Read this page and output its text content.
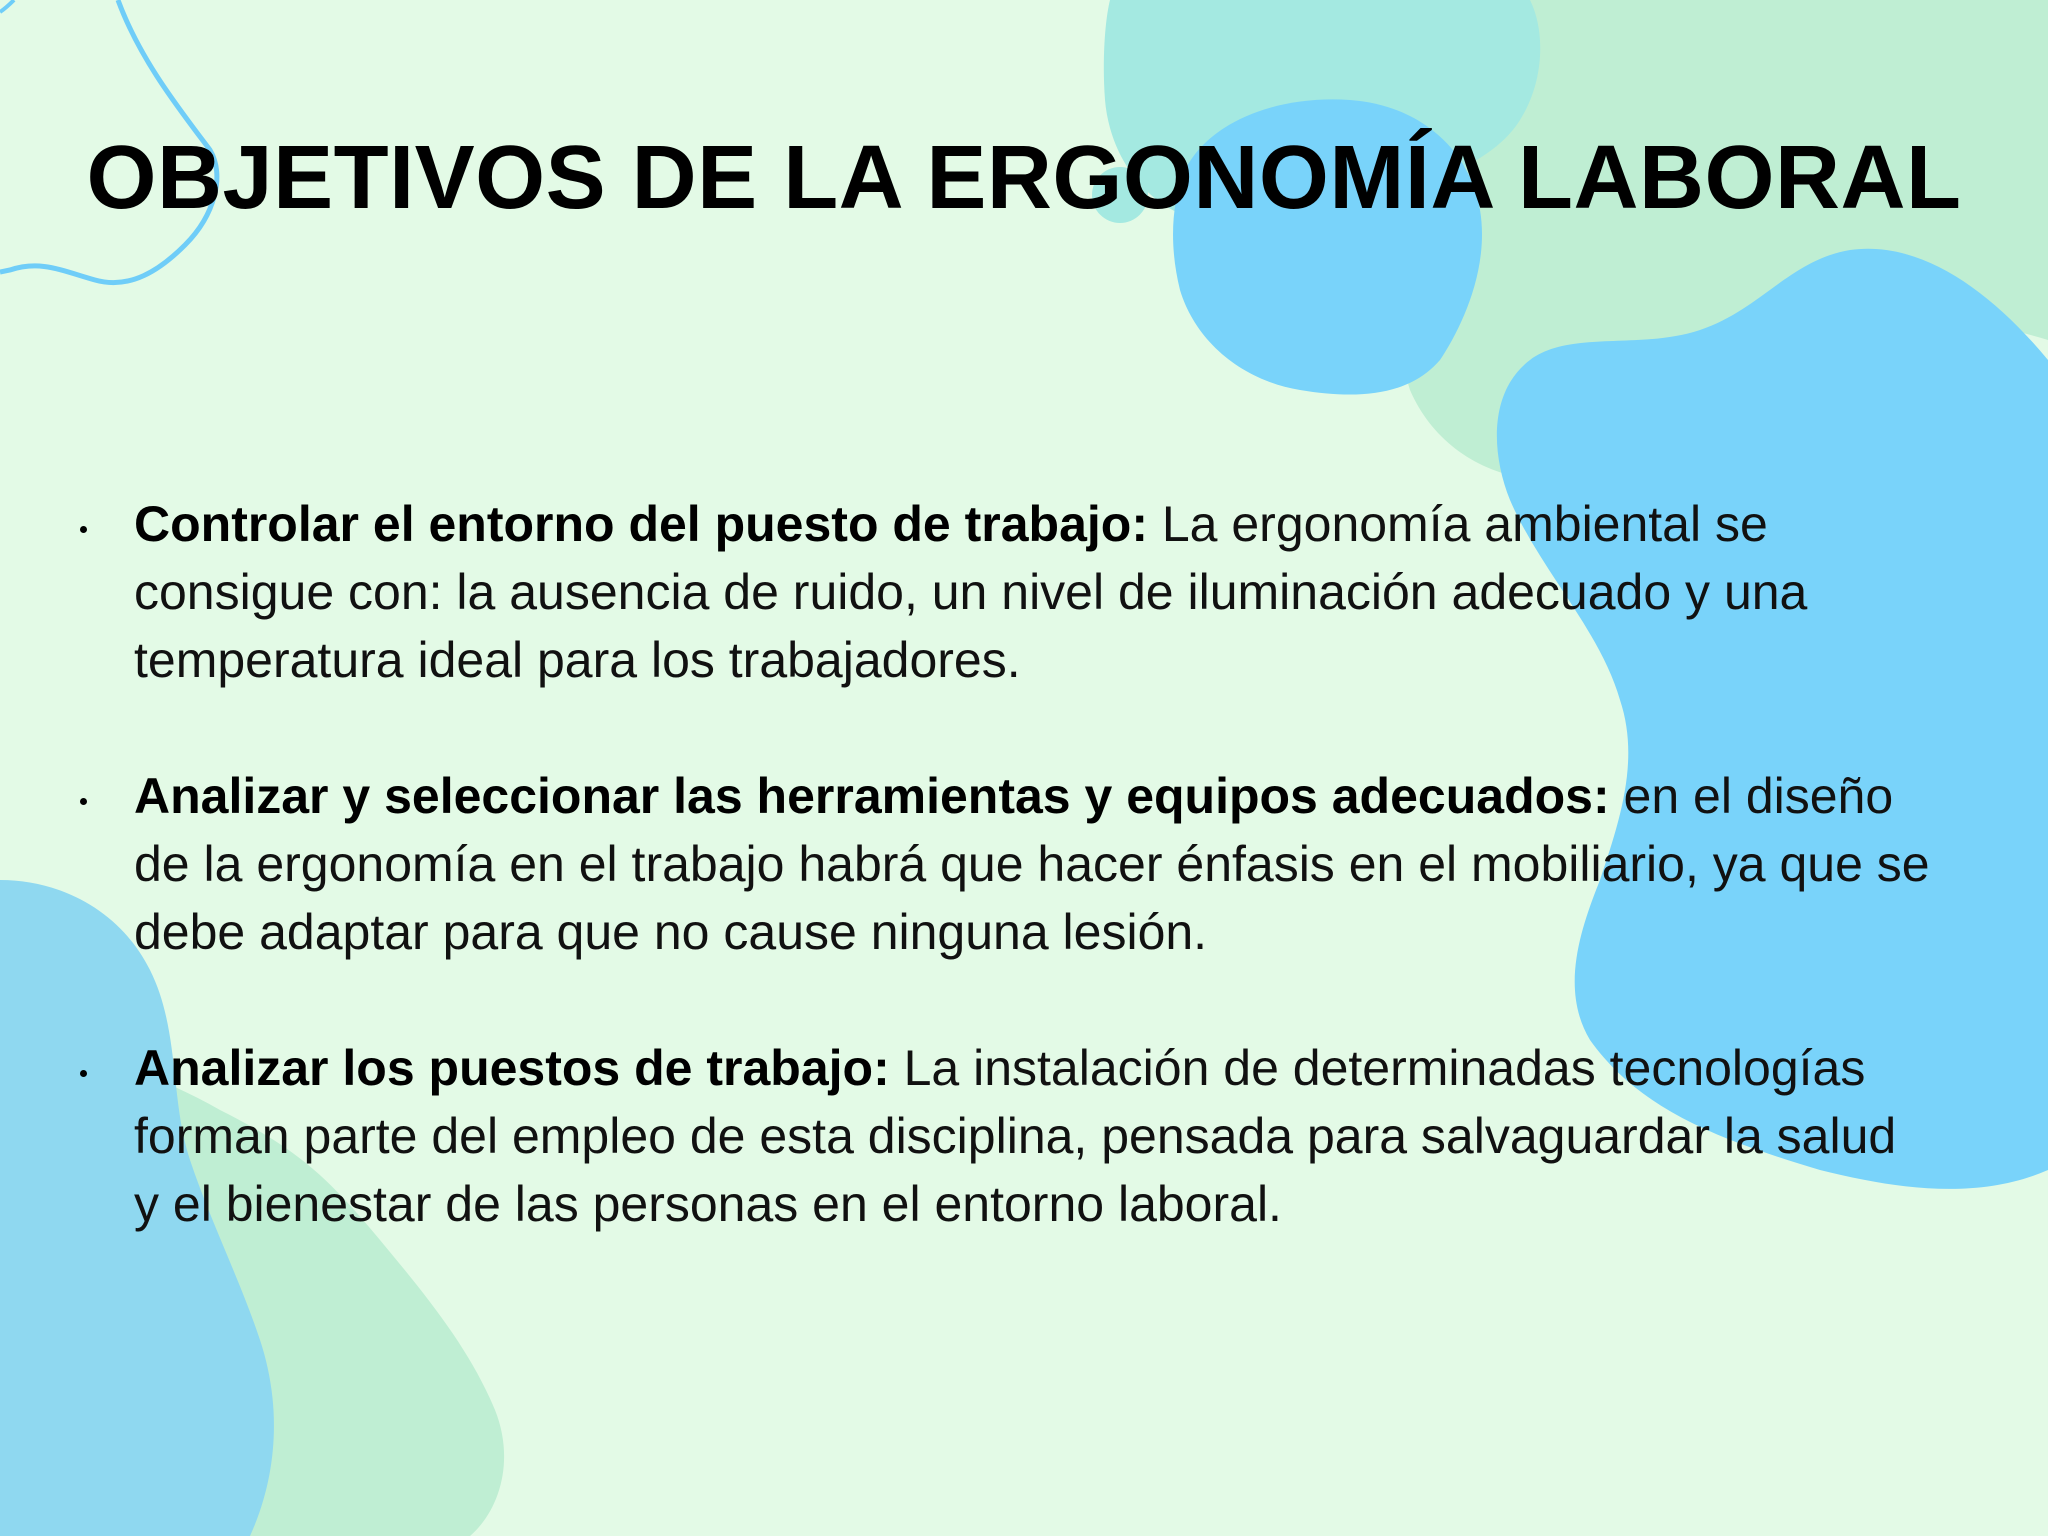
OBJETIVOS DE LA ERGONOMÍA LABORAL

Controlar el entorno del puesto de trabajo: La ergonomía ambiental se consigue con: la ausencia de ruido, un nivel de iluminación adecuado y una temperatura ideal para los trabajadores.

Analizar y seleccionar las herramientas y equipos adecuados: en el diseño de la ergonomía en el trabajo habrá que hacer énfasis en el mobiliario, ya que se debe adaptar para que no cause ninguna lesión.

Analizar los puestos de trabajo: La instalación de determinadas tecnologías forman parte del empleo de esta disciplina, pensada para salvaguardar la salud y el bienestar de las personas en el entorno laboral.
